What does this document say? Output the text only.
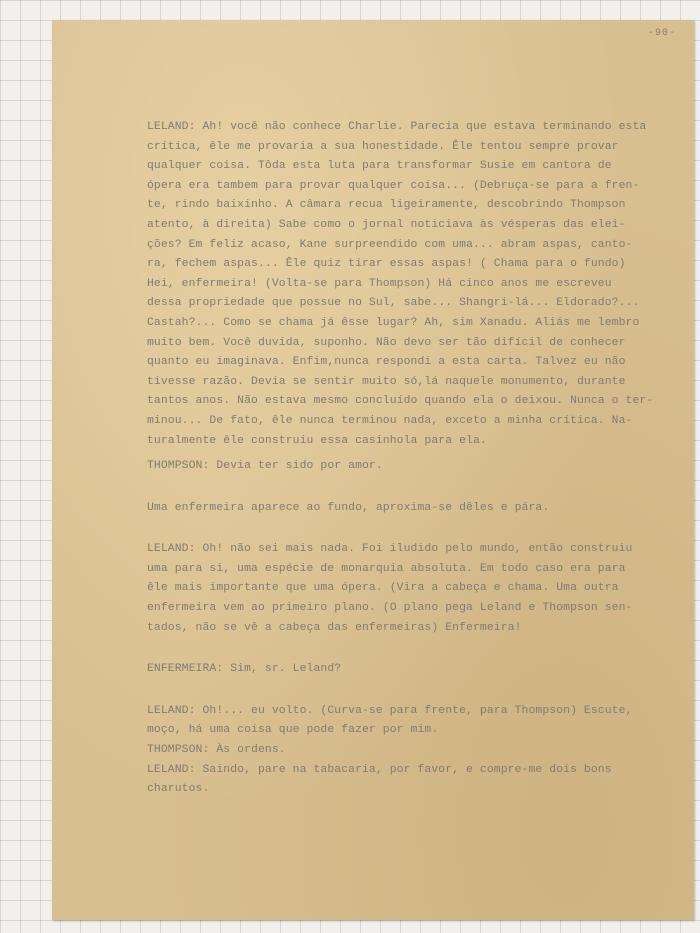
-90-
LELAND: Ah! você não conhece Charlie. Parecia que estava terminando esta
crítica, êle me provaria a sua honestidade. Êle tentou sempre provar
qualquer coisa. Tôda esta luta para transformar Susie em cantora de
ópera era tambem para provar qualquer coisa... (Debruça-se para a fren-
te, rindo baixinho. A câmara recua ligeiramente, descobrindo Thompson
atento, à direita) Sabe como o jornal noticiava às vésperas das elei-
ções? Em feliz acaso, Kane surpreendido com uma... abram aspas, canto-
ra, fechem aspas... Êle quiz tirar essas aspas! ( Chama para o fundo)
Hei, enfermeira! (Volta-se para Thompson) Há cinco anos me escreveu
dessa propriedade que possue no Sul, sabe... Shangri-lá... Eldorado?...
Castah?... Como se chama já êsse lugar? Ah, sim Xanadu. Aliás me lembro
muito bem. Você duvida, suponho. Não devo ser tão difícil de conhecer
quanto eu imaginava. Enfim,nunca respondi a esta carta. Talvez eu não
tivesse razão. Devia se sentir muito só,lá naquele monumento, durante
tantos anos. Não estava mesmo concluído quando ela o deixou. Nunca o ter-
minou... De fato, êle nunca terminou nada, exceto a minha crítica. Na-
turalmente êle construiu essa casinhola para ela.
THOMPSON: Devia ter sido por amor.
Uma enfermeira aparece ao fundo, aproxima-se dêles e pára.
LELAND: Oh! não sei mais nada. Foi iludido pelo mundo, então construiu
uma para si, uma espécie de monarquia absoluta. Em todo caso era para
êle mais importante que uma ópera. (Vira a cabeça e chama. Uma outra
enfermeira vem ao primeiro plano. (O plano pega Leland e Thompson sen-
tados, não se vê a cabeça das enfermeiras) Enfermeira!
ENFERMEIRA: Sim, sr. Leland?
LELAND: Oh!... eu volto. (Curva-se para frente, para Thompson) Escute,
moço, há uma coisa que pode fazer por mim.
THOMPSON: Às ordens.
LELAND: Saindo, pare na tabacaria, por favor, e compre-me dois bons
charutos.
